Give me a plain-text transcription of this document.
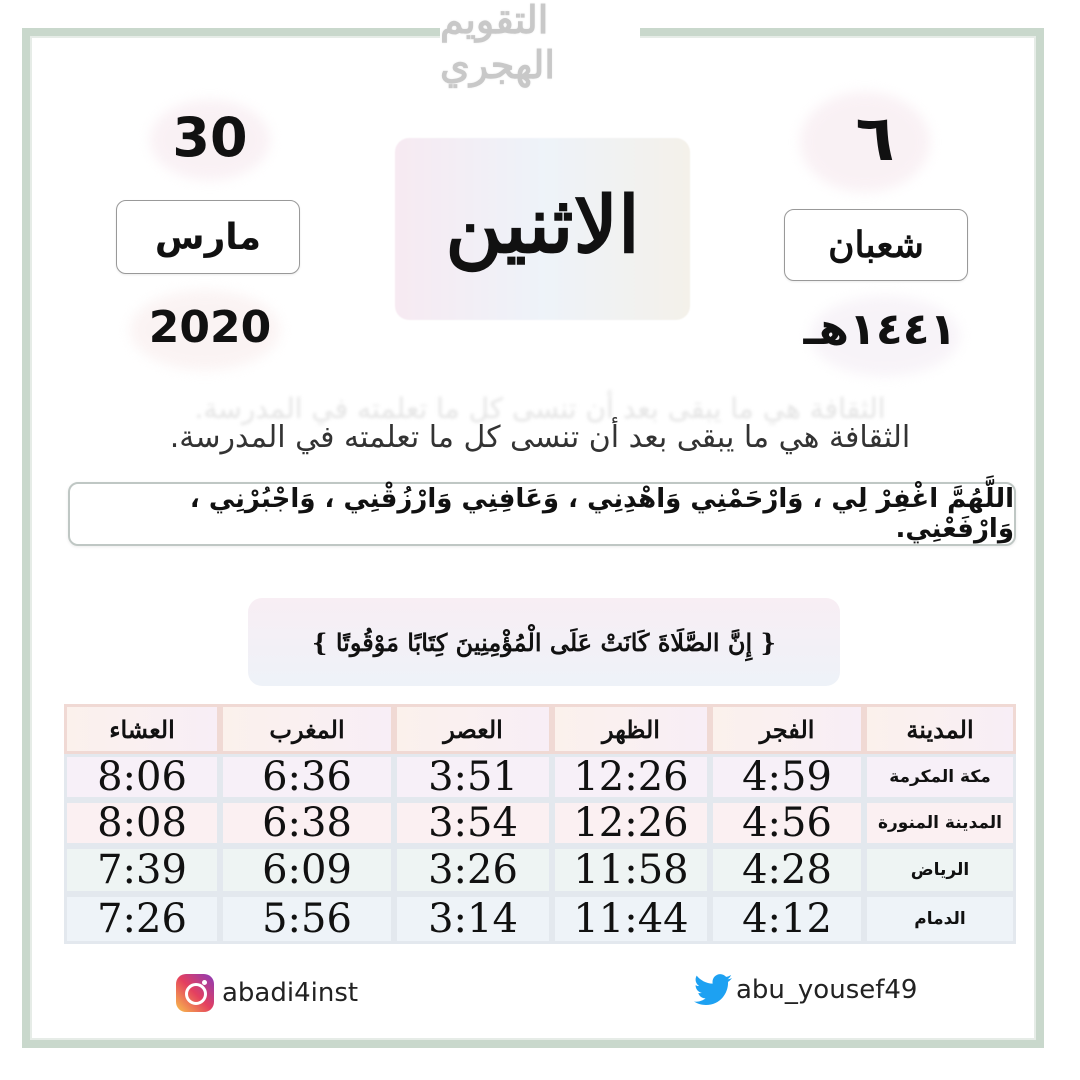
التقويم الهجري
30
مارس
2020
الاثنين
٦
شعبان
١٤٤١هـ
الثقافة هي ما يبقى بعد أن تنسى كل ما تعلمته في المدرسة.
الثقافة هي ما يبقى بعد أن تنسى كل ما تعلمته في المدرسة.
اللَّهُمَّ اغْفِرْ لِي ، وَارْحَمْنِي وَاهْدِنِي ، وَعَافِنِي وَارْزُقْنِي ، وَاجْبُرْنِي ، وَارْفَعْنِي.
{ إِنَّ الصَّلَاةَ كَانَتْ عَلَى الْمُؤْمِنِينَ كِتَابًا مَوْقُوتًا }
العشاء	المغرب	العصر	الظهر	الفجر	المدينة
8:06	6:36	3:51	12:26	4:59	مكة المكرمة
8:08	6:38	3:54	12:26	4:56	المدينة المنورة
7:39	6:09	3:26	11:58	4:28	الرياض
7:26	5:56	3:14	11:44	4:12	الدمام
abadi4inst	abu_yousef49
